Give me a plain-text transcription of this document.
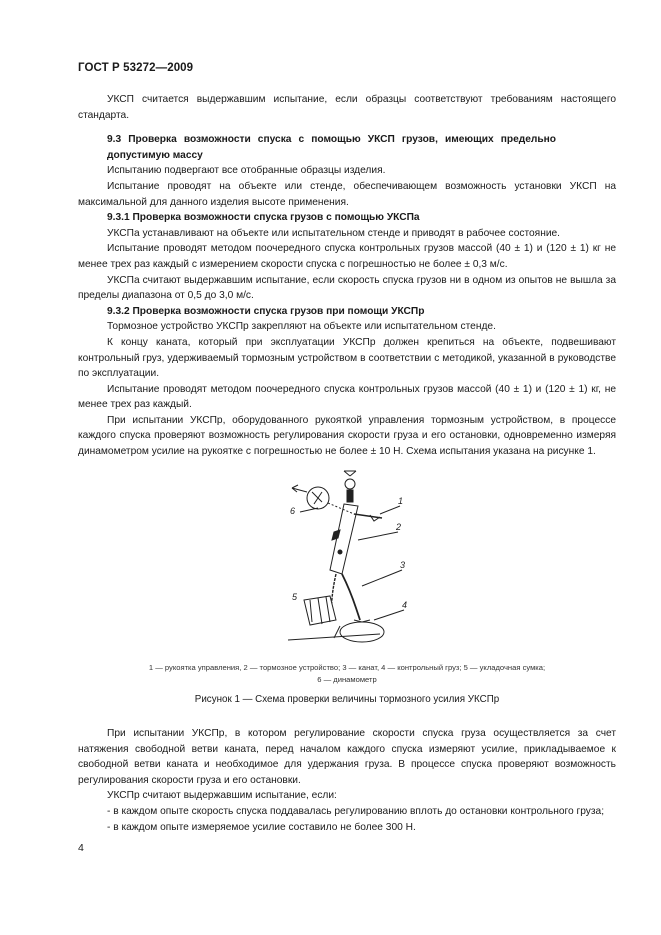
ГОСТ Р 53272—2009

УКСП считается выдержавшим испытание, если образцы соответствуют требованиям настоящего стандарта.

9.3 Проверка возможности спуска с помощью УКСП грузов, имеющих предельно допустимую массу

Испытанию подвергают все отобранные образцы изделия.

Испытание проводят на объекте или стенде, обеспечивающем возможность установки УКСП на максимальной для данного изделия высоте применения.

9.3.1 Проверка возможности спуска грузов с помощью УКСПа

УКСПа устанавливают на объекте или испытательном стенде и приводят в рабочее состояние.

Испытание проводят методом поочередного спуска контрольных грузов массой (40 ± 1) и (120 ± 1) кг не менее трех раз каждый с измерением скорости спуска с погрешностью не более ± 0,3 м/с.

УКСПа считают выдержавшим испытание, если скорость спуска грузов ни в одном из опытов не вышла за пределы диапазона от 0,5 до 3,0 м/с.

9.3.2 Проверка возможности спуска грузов при помощи УКСПр

Тормозное устройство УКСПр закрепляют на объекте или испытательном стенде.

К концу каната, который при эксплуатации УКСПр должен крепиться на объекте, подвешивают контрольный груз, удерживаемый тормозным устройством в соответствии с методикой, указанной в руководстве по эксплуатации.

Испытание проводят методом поочередного спуска контрольных грузов массой (40 ± 1) и (120 ± 1) кг, не менее трех раз каждый.

При испытании УКСПр, оборудованного рукояткой управления тормозным устройством, в процессе каждого спуска проверяют возможность регулирования скорости груза и его остановки, одновременно измеряя динамометром усилие на рукоятке с погрешностью не более ± 10 Н. Схема испытания указана на рисунке 1.

6
1
2
3
4
5
1 — рукоятка управления, 2 — тормозное устройство; 3 — канат, 4 — контрольный груз; 5 — укладочная сумка;
6 — динамометр
Рисунок 1 — Схема проверки величины тормозного усилия УКСПр

При испытании УКСПр, в котором регулирование скорости спуска груза осуществляется за счет натяжения свободной ветви каната, перед началом каждого спуска измеряют усилие, прикладываемое к свободной ветви каната и необходимое для удержания груза. В процессе спуска проверяют возможность регулирования скорости груза и его остановки.

УКСПр считают выдержавшим испытание, если:

- в каждом опыте скорость спуска поддавалась регулированию вплоть до остановки контрольного груза;

- в каждом опыте измеряемое усилие составило не более 300 Н.

4
